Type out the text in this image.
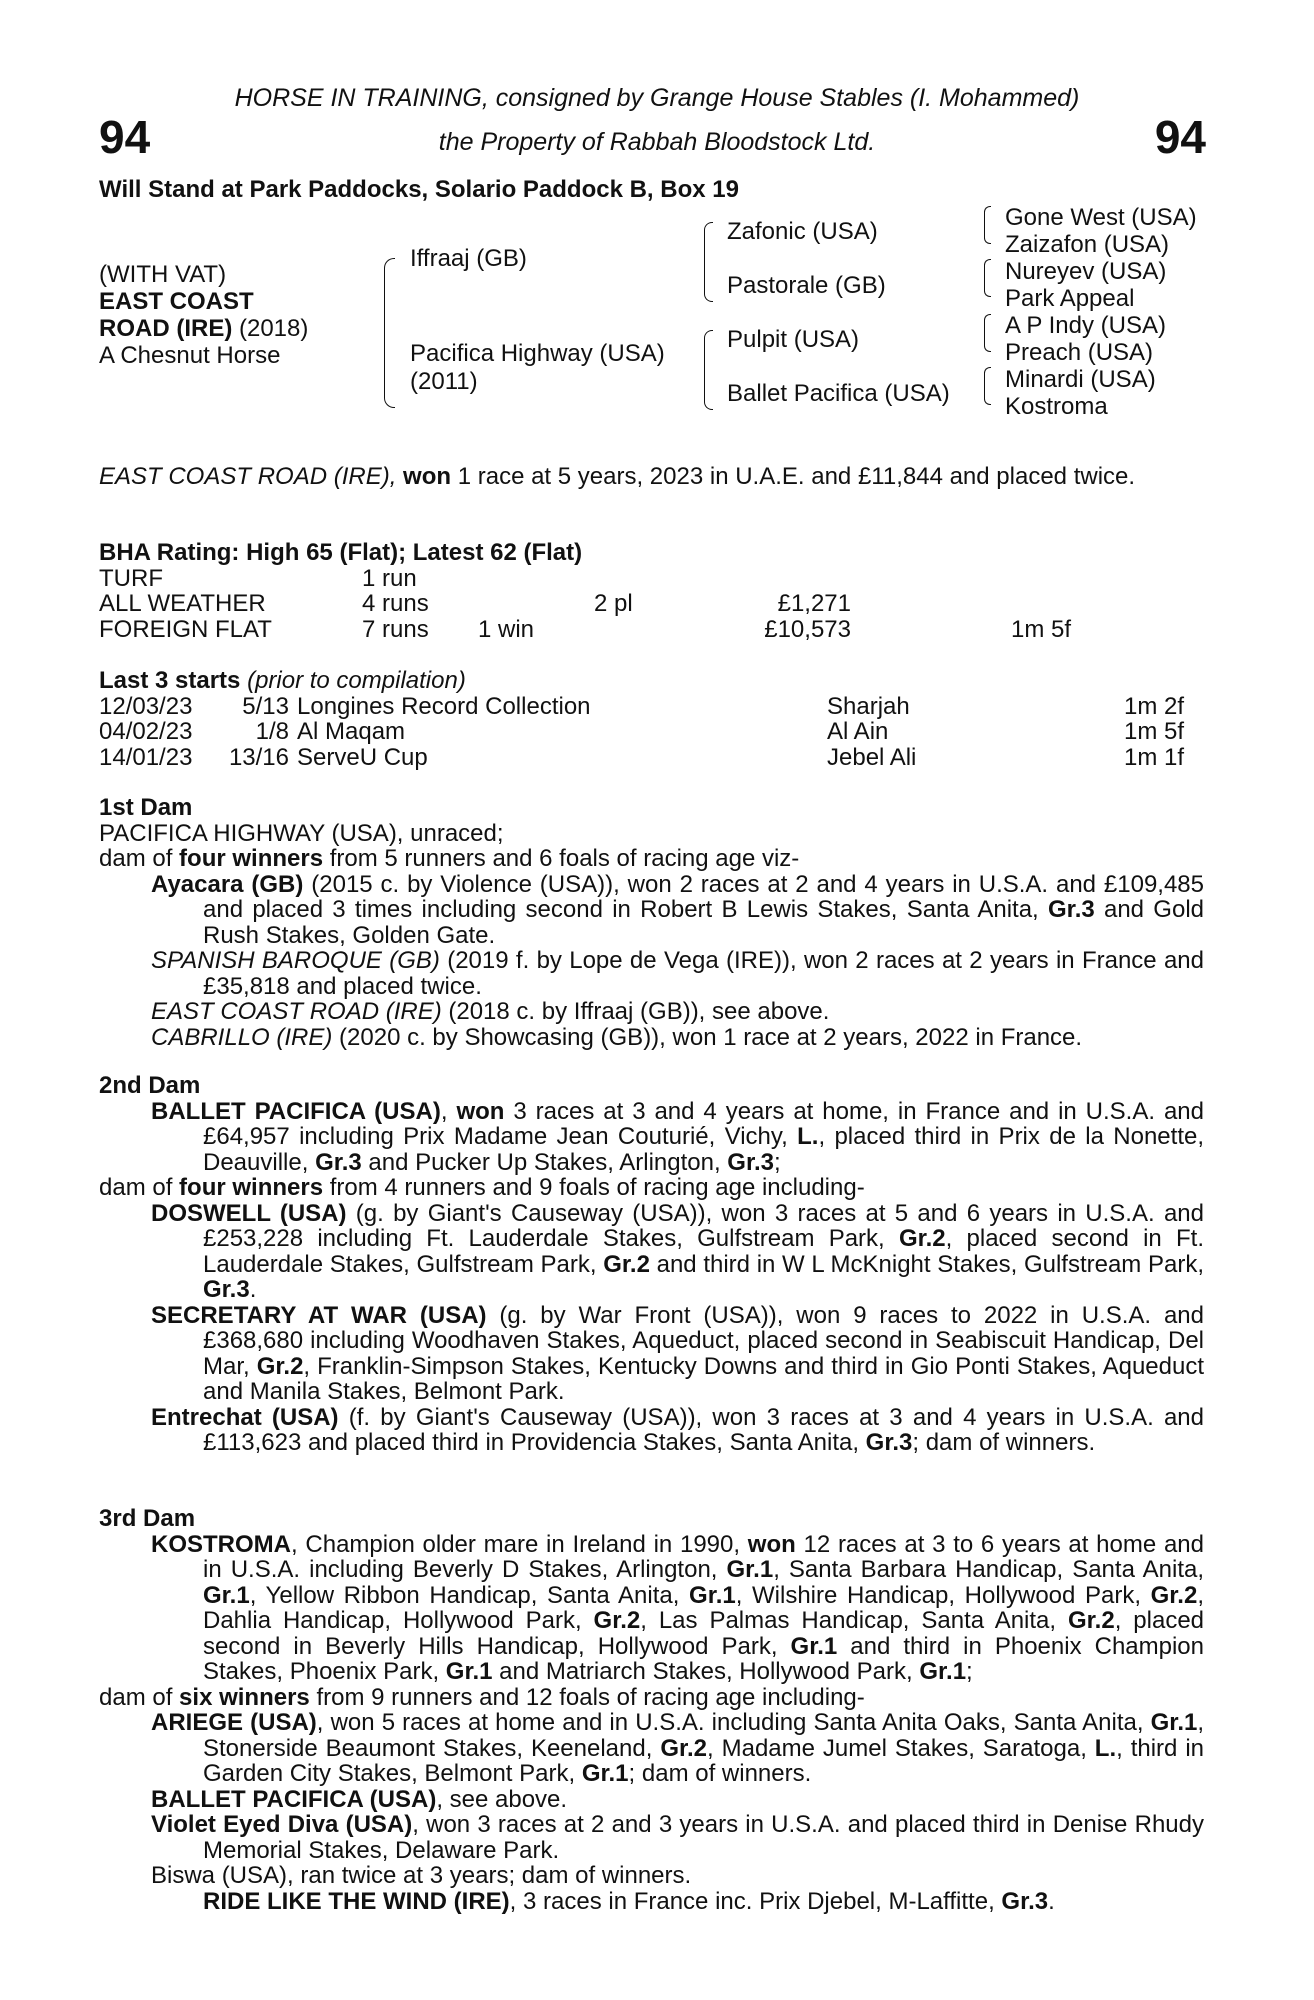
HORSE IN TRAINING, consigned by Grange House Stables (I. Mohammed)
the Property of Rabbah Bloodstock Ltd.
94	94
Will Stand at Park Paddocks, Solario Paddock B, Box 19
(WITH VAT)
EAST COAST
ROAD (IRE) (2018)
A Chesnut Horse
Iffraaj (GB)
Pacifica Highway (USA)
(2011)
Zafonic (USA)
Pastorale (GB)
Pulpit (USA)
Ballet Pacifica (USA)
Gone West (USA)
Zaizafon (USA)
Nureyev (USA)
Park Appeal
A P Indy (USA)
Preach (USA)
Minardi (USA)
Kostroma
EAST COAST ROAD (IRE), won 1 race at 5 years, 2023 in U.A.E. and £11,844 and placed twice.
BHA Rating: High 65 (Flat); Latest 62 (Flat)
TURF	1 run				
ALL WEATHER	4 runs		2 pl	£1,271	
FOREIGN FLAT	7 runs	1 win		£10,573	1m 5f
Last 3 starts (prior to compilation)
12/03/23	5/13	Longines Record Collection	Sharjah	1m 2f
04/02/23	1/8	Al Maqam	Al Ain	1m 5f
14/01/23	13/16	ServeU Cup	Jebel Ali	1m 1f
1st Dam
PACIFICA HIGHWAY (USA), unraced;
dam of four winners from 5 runners and 6 foals of racing age viz-
Ayacara (GB) (2015 c. by Violence (USA)), won 2 races at 2 and 4 years in U.S.A. and £109,485 and placed 3 times including second in Robert B Lewis Stakes, Santa Anita, Gr.3 and Gold Rush Stakes, Golden Gate.
SPANISH BAROQUE (GB) (2019 f. by Lope de Vega (IRE)), won 2 races at 2 years in France and £35,818 and placed twice.
EAST COAST ROAD (IRE) (2018 c. by Iffraaj (GB)), see above.
CABRILLO (IRE) (2020 c. by Showcasing (GB)), won 1 race at 2 years, 2022 in France.
2nd Dam
BALLET PACIFICA (USA), won 3 races at 3 and 4 years at home, in France and in U.S.A. and £64,957 including Prix Madame Jean Couturié, Vichy, L., placed third in Prix de la Nonette, Deauville, Gr.3 and Pucker Up Stakes, Arlington, Gr.3;
dam of four winners from 4 runners and 9 foals of racing age including-
DOSWELL (USA) (g. by Giant's Causeway (USA)), won 3 races at 5 and 6 years in U.S.A. and £253,228 including Ft. Lauderdale Stakes, Gulfstream Park, Gr.2, placed second in Ft. Lauderdale Stakes, Gulfstream Park, Gr.2 and third in W L McKnight Stakes, Gulfstream Park, Gr.3.
SECRETARY AT WAR (USA) (g. by War Front (USA)), won 9 races to 2022 in U.S.A. and £368,680 including Woodhaven Stakes, Aqueduct, placed second in Seabiscuit Handicap, Del Mar, Gr.2, Franklin-Simpson Stakes, Kentucky Downs and third in Gio Ponti Stakes, Aqueduct and Manila Stakes, Belmont Park.
Entrechat (USA) (f. by Giant's Causeway (USA)), won 3 races at 3 and 4 years in U.S.A. and £113,623 and placed third in Providencia Stakes, Santa Anita, Gr.3; dam of winners.
3rd Dam
KOSTROMA, Champion older mare in Ireland in 1990, won 12 races at 3 to 6 years at home and in U.S.A. including Beverly D Stakes, Arlington, Gr.1, Santa Barbara Handicap, Santa Anita, Gr.1, Yellow Ribbon Handicap, Santa Anita, Gr.1, Wilshire Handicap, Hollywood Park, Gr.2, Dahlia Handicap, Hollywood Park, Gr.2, Las Palmas Handicap, Santa Anita, Gr.2, placed second in Beverly Hills Handicap, Hollywood Park, Gr.1 and third in Phoenix Champion Stakes, Phoenix Park, Gr.1 and Matriarch Stakes, Hollywood Park, Gr.1;
dam of six winners from 9 runners and 12 foals of racing age including-
ARIEGE (USA), won 5 races at home and in U.S.A. including Santa Anita Oaks, Santa Anita, Gr.1, Stonerside Beaumont Stakes, Keeneland, Gr.2, Madame Jumel Stakes, Saratoga, L., third in Garden City Stakes, Belmont Park, Gr.1; dam of winners.
BALLET PACIFICA (USA), see above.
Violet Eyed Diva (USA), won 3 races at 2 and 3 years in U.S.A. and placed third in Denise Rhudy Memorial Stakes, Delaware Park.
Biswa (USA), ran twice at 3 years; dam of winners.
RIDE LIKE THE WIND (IRE), 3 races in France inc. Prix Djebel, M-Laffitte, Gr.3.
